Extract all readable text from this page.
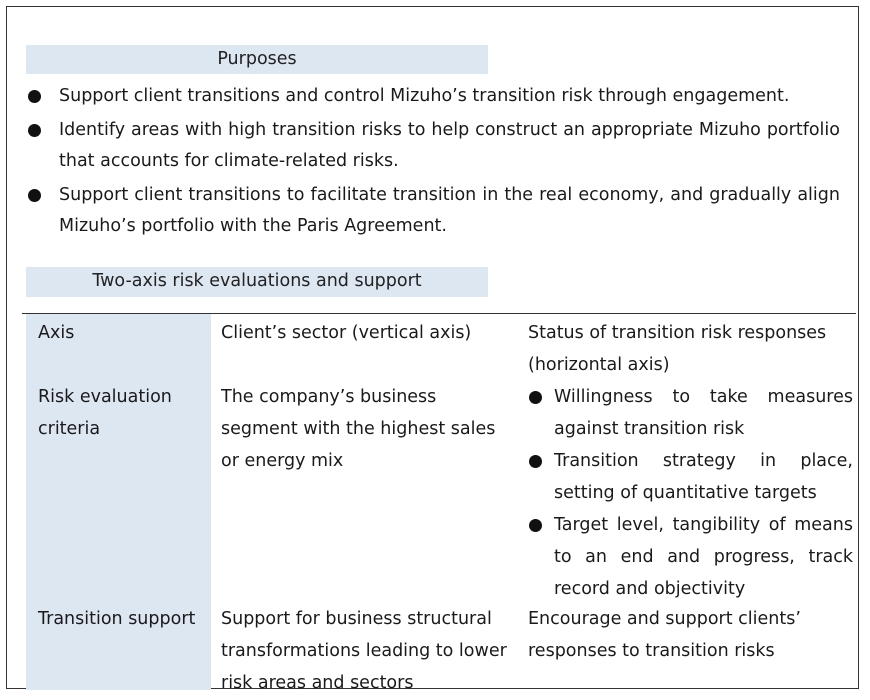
Purposes
Support client transitions and control Mizuho’s transition risk through engagement.
Identify areas with high transition risks to help construct an appropriate Mizuho portfolio that accounts for climate-related risks.
Support client transitions to facilitate transition in the real economy, and gradually align Mizuho’s portfolio with the Paris Agreement.
Two-axis risk evaluations and support
Axis	Client’s sector (vertical axis)	Status of transition risk responses (horizontal axis)
Risk evaluation criteria
The company’s business segment with the highest sales or energy mix
Willingness to take measures against transition risk
Transition strategy in place, setting of quantitative targets
Target level, tangibility of means to an end and progress, track record and objectivity
Transition support Support for business structural transformations leading to lower risk areas and sectors
Encourage and support clients’ responses to transition risks
